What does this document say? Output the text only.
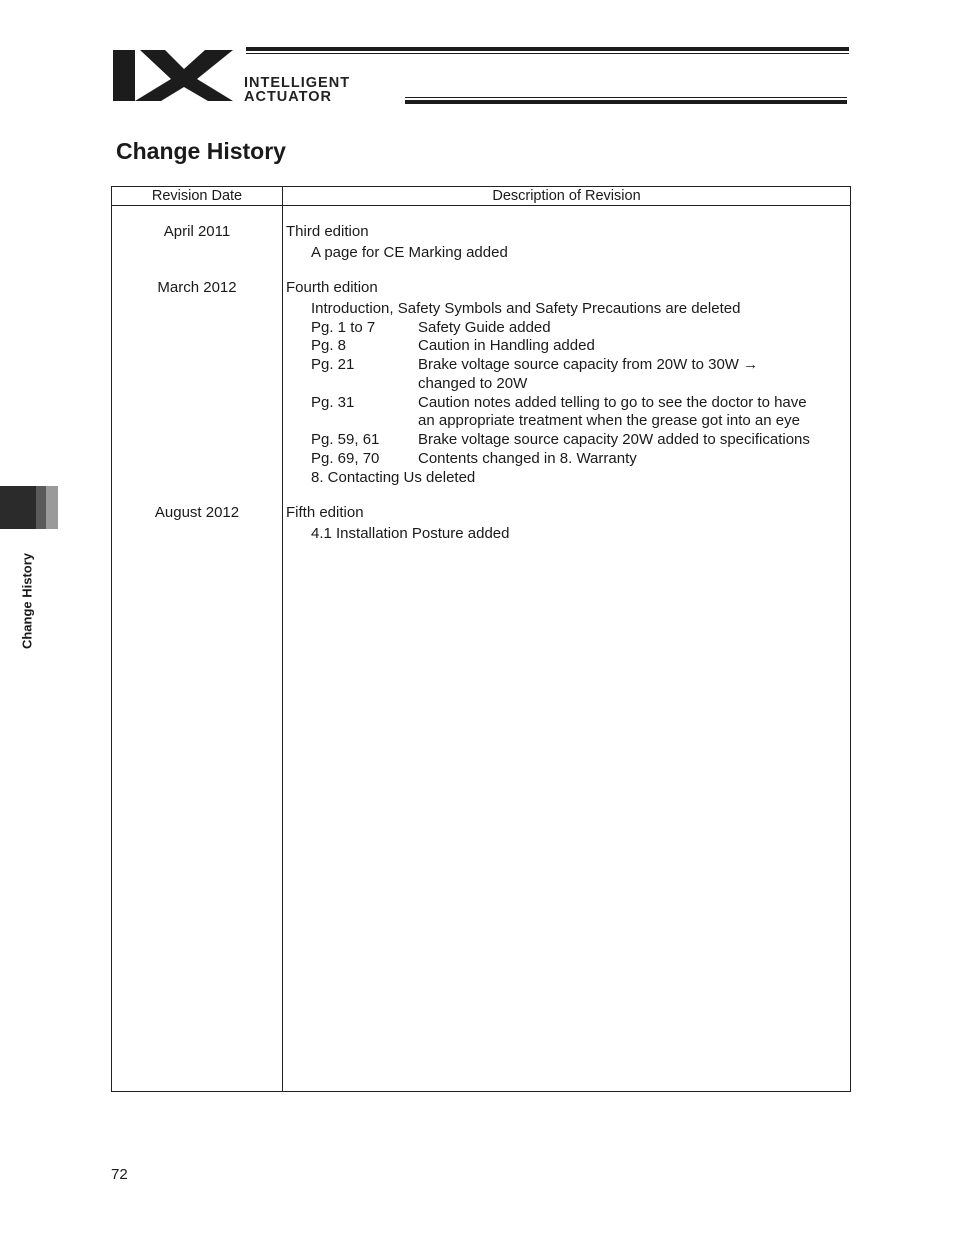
INTELLIGENT
ACTUATOR
Change History
Revision Date	Description of Revision
April 2011	Third edition
A page for CE Marking added
March 2012	Fourth edition
Introduction, Safety Symbols and Safety Precautions are deleted
Pg. 1 to 7	Safety Guide added
Pg. 8	Caution in Handling added
Pg. 21	Brake voltage source capacity from 20W to 30W →
changed to 20W
Pg. 31	Caution notes added telling to go to see the doctor to have
an appropriate treatment when the grease got into an eye
Pg. 59, 61	Brake voltage source capacity 20W added to specifications
Pg. 69, 70	Contents changed in 8. Warranty
8. Contacting Us deleted
August 2012	Fifth edition
4.1 Installation Posture added
Change History
72
